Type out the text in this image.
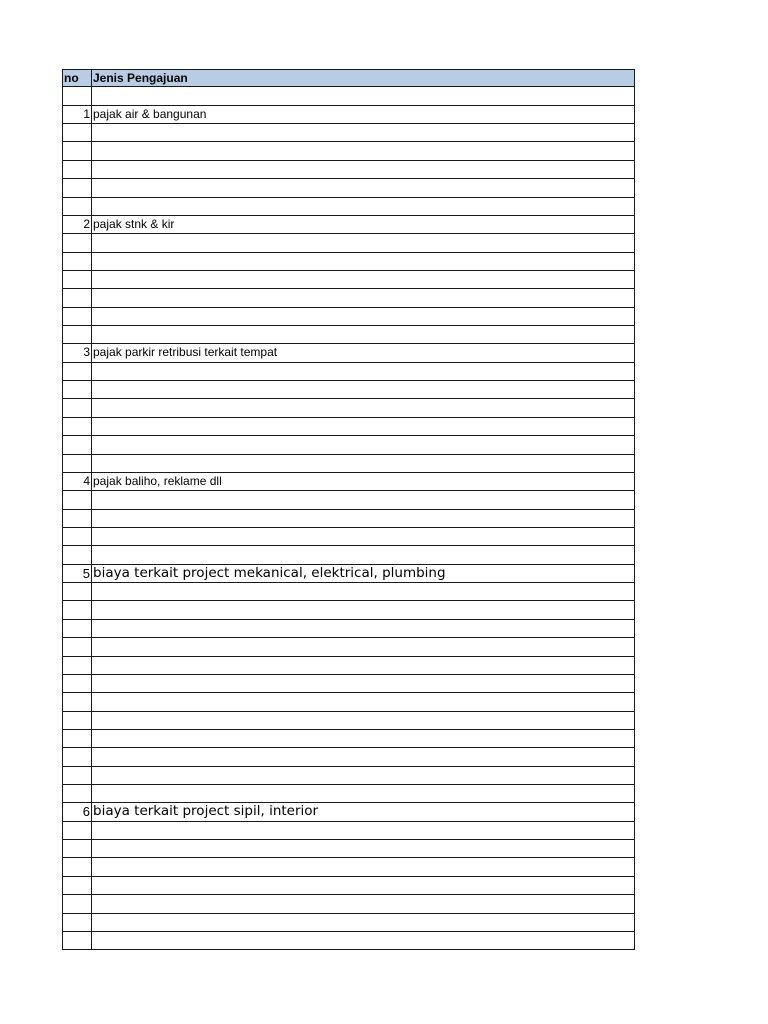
no	Jenis Pengajuan
1 pajak air & bangunan
2 pajak stnk & kir
3 pajak parkir retribusi terkait tempat
4 pajak baliho, reklame dll
5 biaya terkait project mekanical, elektrical, plumbing
6 biaya terkait project sipil, interior
